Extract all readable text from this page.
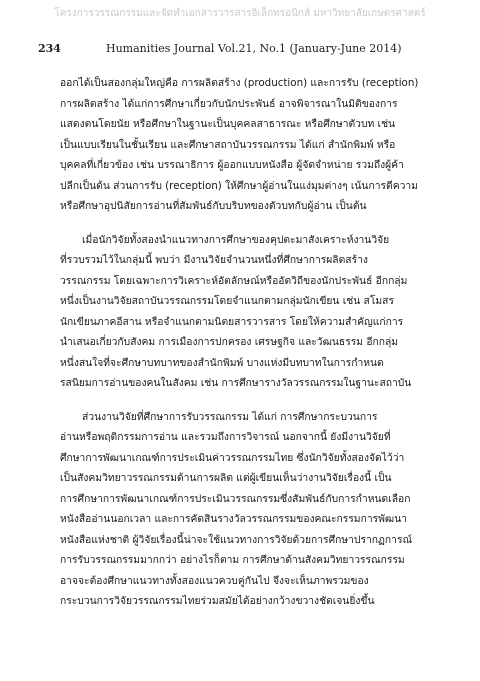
โครงการวรรณกรรมและจัดทำเอกสารวารสารอิเล็กทรอนิกส์ มหาวิทยาลัยเกษตรศาสตร์
234	Humanities Journal Vol.21, No.1 (January-June 2014)

ออกได้เป็นสองกลุ่มใหญ่คือ การผลิตสร้าง (production) และการรับ (reception)
การผลิตสร้าง ได้แก่การศึกษาเกี่ยวกับนักประพันธ์ อาจพิจารณาในมิติของการ
แสดงตนโดยนัย หรือศึกษาในฐานะเป็นบุคคลสาธารณะ หรือศึกษาตัวบท เช่น
เป็นแบบเรียนในชั้นเรียน และศึกษาสถาบันวรรณกรรม ได้แก่ สำนักพิมพ์ หรือ
บุคคลที่เกี่ยวข้อง เช่น บรรณาธิการ ผู้ออกแบบหนังสือ ผู้จัดจำหน่าย รวมถึงผู้ค้า
ปลีกเป็นต้น ส่วนการรับ (reception) ให้ศึกษาผู้อ่านในแง่มุมต่างๆ เน้นการตีความ
หรือศึกษาอุปนิสัยการอ่านที่สัมพันธ์กับบริบทของตัวบทกับผู้อ่าน เป็นต้น

เมื่อนักวิจัยทั้งสองนำแนวทางการศึกษาของคุปตะมาสังเคราะห์งานวิจัย
ที่รวบรวมไว้ในกลุ่มนี้ พบว่า มีงานวิจัยจำนวนหนึ่งที่ศึกษาการผลิตสร้าง
วรรณกรรม โดยเฉพาะการวิเคราะห์อัตลักษณ์หรืออัตวิถีของนักประพันธ์ อีกกลุ่ม
หนึ่งเป็นงานวิจัยสถาบันวรรณกรรมโดยจำแนกตามกลุ่มนักเขียน เช่น สโมสร
นักเขียนภาคอีสาน หรือจำแนกตามนิตยสารวารสาร โดยให้ความสำคัญแก่การ
นำเสนอเกี่ยวกับสังคม การเมืองการปกครอง เศรษฐกิจ และวัฒนธรรม อีกกลุ่ม
หนึ่งสนใจที่จะศึกษาบทบาทของสำนักพิมพ์ บางแห่งมีบทบาทในการกำหนด
รสนิยมการอ่านของคนในสังคม เช่น การศึกษารางวัลวรรณกรรมในฐานะสถาบัน

ส่วนงานวิจัยที่ศึกษาการรับวรรณกรรม ได้แก่ การศึกษากระบวนการ
อ่านหรือพฤติกรรมการอ่าน และรวมถึงการวิจารณ์ นอกจากนี้ ยังมีงานวิจัยที่
ศึกษาการพัฒนาเกณฑ์การประเมินค่าวรรณกรรมไทย ซึ่งนักวิจัยทั้งสองจัดไว้ว่า
เป็นสังคมวิทยาวรรณกรรมด้านการผลิต แต่ผู้เขียนเห็นว่างานวิจัยเรื่องนี้ เป็น
การศึกษาการพัฒนาเกณฑ์การประเมินวรรณกรรมซึ่งสัมพันธ์กับการกำหนดเลือก
หนังสืออ่านนอกเวลา และการคัดสินรางวัลวรรณกรรมของคณะกรรมการพัฒนา
หนังสือแห่งชาติ ผู้วิจัยเรื่องนี้น่าจะใช้แนวทางการวิจัยด้วยการศึกษาปรากฏการณ์
การรับวรรณกรรมมากกว่า อย่างไรก็ตาม การศึกษาด้านสังคมวิทยาวรรณกรรม
อาจจะต้องศึกษาแนวทางทั้งสองแนวควบคู่กันไป จึงจะเห็นภาพรวมของ
กระบวนการวิจัยวรรณกรรมไทยร่วมสมัยได้อย่างกว้างขวางชัดเจนยิ่งขึ้น
